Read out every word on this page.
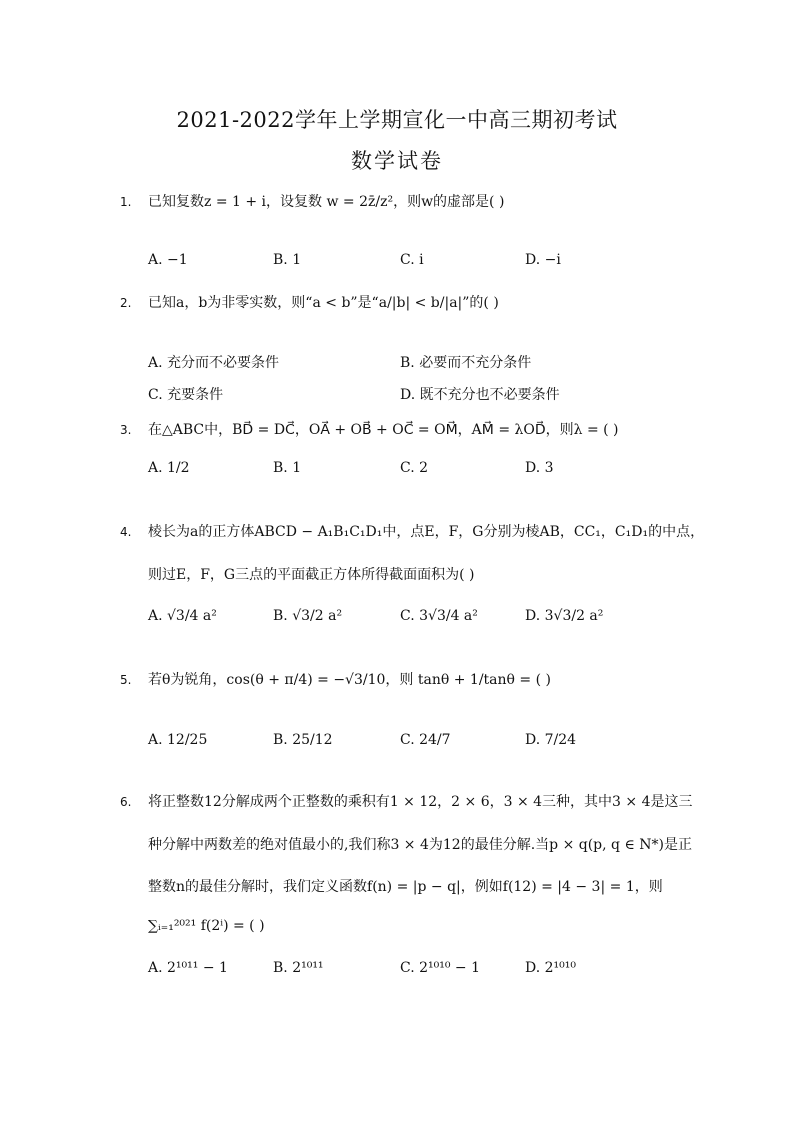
2021-2022学年上学期宣化一中高三期初考试
数学试卷
1.	已知复数z = 1 + i，设复数 w = 2z̄/z²，则w的虚部是( )
A. −1	B. 1	C. i	D. −i
2.	已知a，b为非零实数，则“a < b”是“a/|b| < b/|a|”的( )
A. 充分而不必要条件	B. 必要而不充分条件
C. 充要条件	D. 既不充分也不必要条件
3.	在△ABC中，BD⃗ = DC⃗，OA⃗ + OB⃗ + OC⃗ = OM⃗，AM⃗ = λOD⃗，则λ = ( )
A. 1/2	B. 1	C. 2	D. 3
4.	棱长为a的正方体ABCD − A₁B₁C₁D₁中，点E，F，G分别为棱AB，CC₁，C₁D₁的中点，
则过E，F，G三点的平面截正方体所得截面面积为( )
A. √3/4 a²	B. √3/2 a²	C. 3√3/4 a²	D. 3√3/2 a²
5.	若θ为锐角，cos(θ + π/4) = −√3/10，则 tanθ + 1/tanθ = ( )
A. 12/25	B. 25/12	C. 24/7	D. 7/24
6.	将正整数12分解成两个正整数的乘积有1 × 12，2 × 6，3 × 4三种，其中3 × 4是这三
种分解中两数差的绝对值最小的,我们称3 × 4为12的最佳分解.当p × q(p, q ∈ N*)是正
整数n的最佳分解时，我们定义函数f(n) = |p − q|，例如f(12) = |4 − 3| = 1，则
∑ᵢ₌₁²⁰²¹ f(2ⁱ) = ( )
A. 2¹⁰¹¹ − 1	B. 2¹⁰¹¹	C. 2¹⁰¹⁰ − 1	D. 2¹⁰¹⁰
